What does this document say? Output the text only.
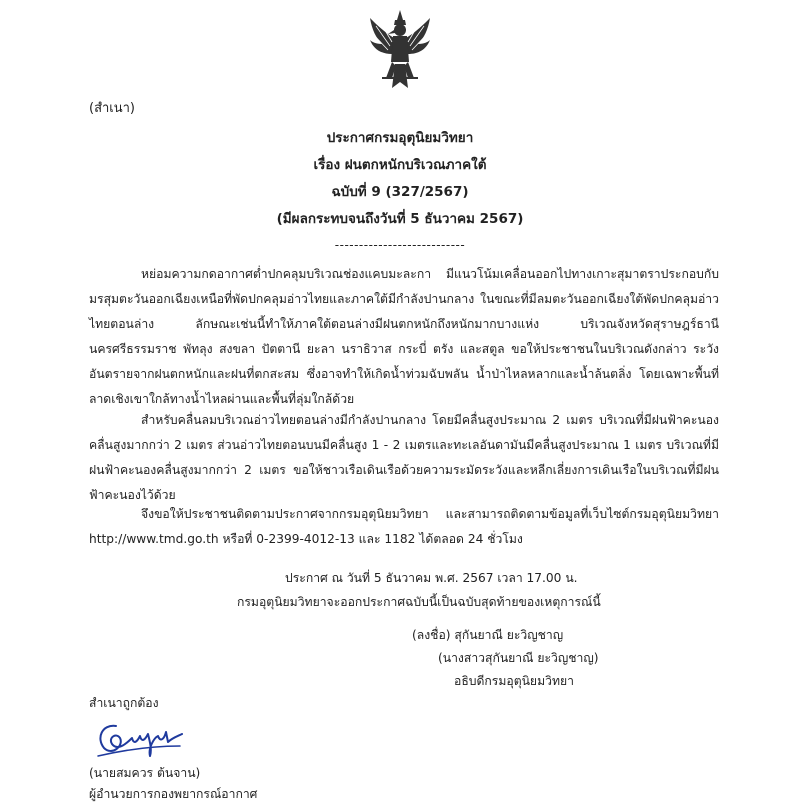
(สำเนา)
ประกาศกรมอุตุนิยมวิทยา
เรื่อง ฝนตกหนักบริเวณภาคใต้
ฉบับที่ 9 (327/2567)
(มีผลกระทบจนถึงวันที่ 5 ธันวาคม 2567)
---------------------------
หย่อมความกดอากาศต่ำปกคลุมบริเวณช่องแคบมะละกา มีแนวโน้มเคลื่อนออกไปทางเกาะสุมาตราประกอบกับมรสุมตะวันออกเฉียงเหนือที่พัดปกคลุมอ่าวไทยและภาคใต้มีกำลังปานกลาง ในขณะที่มีลมตะวันออกเฉียงใต้พัดปกคลุมอ่าวไทยตอนล่าง ลักษณะเช่นนี้ทำให้ภาคใต้ตอนล่างมีฝนตกหนักถึงหนักมากบางแห่ง บริเวณจังหวัดสุราษฎร์ธานี นครศรีธรรมราช พัทลุง สงขลา ปัตตานี ยะลา นราธิวาส กระบี่ ตรัง และสตูล ขอให้ประชาชนในบริเวณดังกล่าว ระวังอันตรายจากฝนตกหนักและฝนที่ตกสะสม ซึ่งอาจทำให้เกิดน้ำท่วมฉับพลัน น้ำป่าไหลหลากและน้ำล้นตลิ่ง โดยเฉพาะพื้นที่ลาดเชิงเขาใกล้ทางน้ำไหลผ่านและพื้นที่ลุ่มใกล้ด้วย
สำหรับคลื่นลมบริเวณอ่าวไทยตอนล่างมีกำลังปานกลาง โดยมีคลื่นสูงประมาณ 2 เมตร บริเวณที่มีฝนฟ้าคะนองคลื่นสูงมากกว่า 2 เมตร ส่วนอ่าวไทยตอนบนมีคลื่นสูง 1 - 2 เมตรและทะเลอันดามันมีคลื่นสูงประมาณ 1 เมตร บริเวณที่มีฝนฟ้าคะนองคลื่นสูงมากกว่า 2 เมตร ขอให้ชาวเรือเดินเรือด้วยความระมัดระวังและหลีกเลี่ยงการเดินเรือในบริเวณที่มีฝนฟ้าคะนองไว้ด้วย
จึงขอให้ประชาชนติดตามประกาศจากกรมอุตุนิยมวิทยา และสามารถติดตามข้อมูลที่เว็บไซต์กรมอุตุนิยมวิทยา http://www.tmd.go.th หรือที่ 0-2399-4012-13 และ 1182 ได้ตลอด 24 ชั่วโมง
ประกาศ ณ วันที่ 5 ธันวาคม พ.ศ. 2567 เวลา 17.00 น.
กรมอุตุนิยมวิทยาจะออกประกาศฉบับนี้เป็นฉบับสุดท้ายของเหตุการณ์นี้
(ลงชื่อ) สุกันยาณี ยะวิญชาญ
(นางสาวสุกันยาณี ยะวิญชาญ)
อธิบดีกรมอุตุนิยมวิทยา
สำเนาถูกต้อง
(นายสมควร ต้นจาน)
ผู้อำนวยการกองพยากรณ์อากาศ
